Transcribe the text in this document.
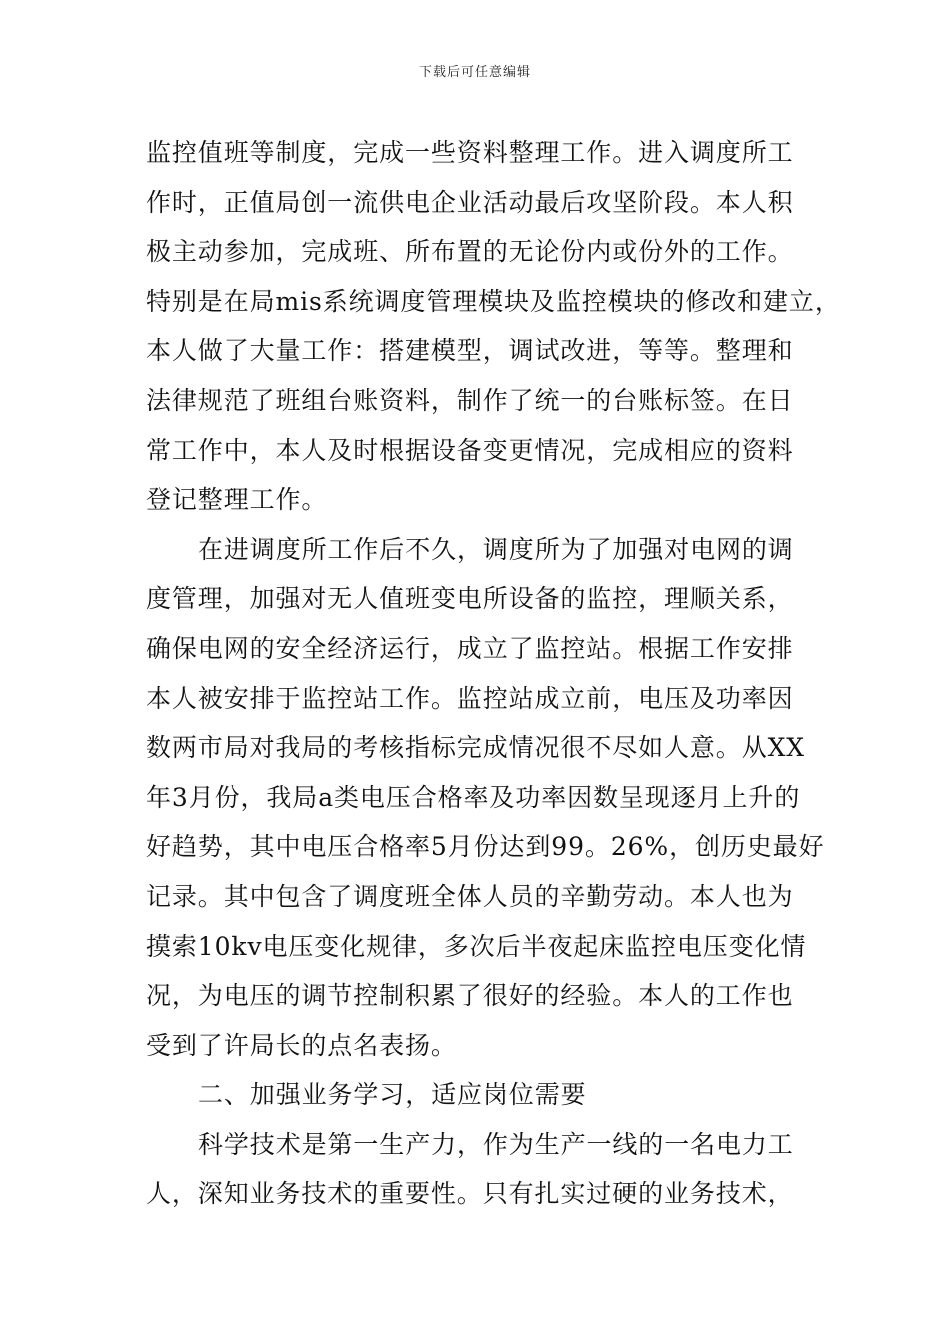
下载后可任意编辑
监控值班等制度，完成一些资料整理工作。进入调度所工
作时，正值局创一流供电企业活动最后攻坚阶段。本人积
极主动参加，完成班、所布置的无论份内或份外的工作。
特别是在局mis系统调度管理模块及监控模块的修改和建立，
本人做了大量工作：搭建模型，调试改进，等等。整理和
法律规范了班组台账资料，制作了统一的台账标签。在日
常工作中，本人及时根据设备变更情况，完成相应的资料
登记整理工作。
在进调度所工作后不久，调度所为了加强对电网的调
度管理，加强对无人值班变电所设备的监控，理顺关系，
确保电网的安全经济运行，成立了监控站。根据工作安排
本人被安排于监控站工作。监控站成立前，电压及功率因
数两市局对我局的考核指标完成情况很不尽如人意。从XX
年3月份，我局a类电压合格率及功率因数呈现逐月上升的
好趋势，其中电压合格率5月份达到99。26%，创历史最好
记录。其中包含了调度班全体人员的辛勤劳动。本人也为
摸索10kv电压变化规律，多次后半夜起床监控电压变化情
况，为电压的调节控制积累了很好的经验。本人的工作也
受到了许局长的点名表扬。
二、加强业务学习，适应岗位需要
科学技术是第一生产力，作为生产一线的一名电力工
人，深知业务技术的重要性。只有扎实过硬的业务技术，
